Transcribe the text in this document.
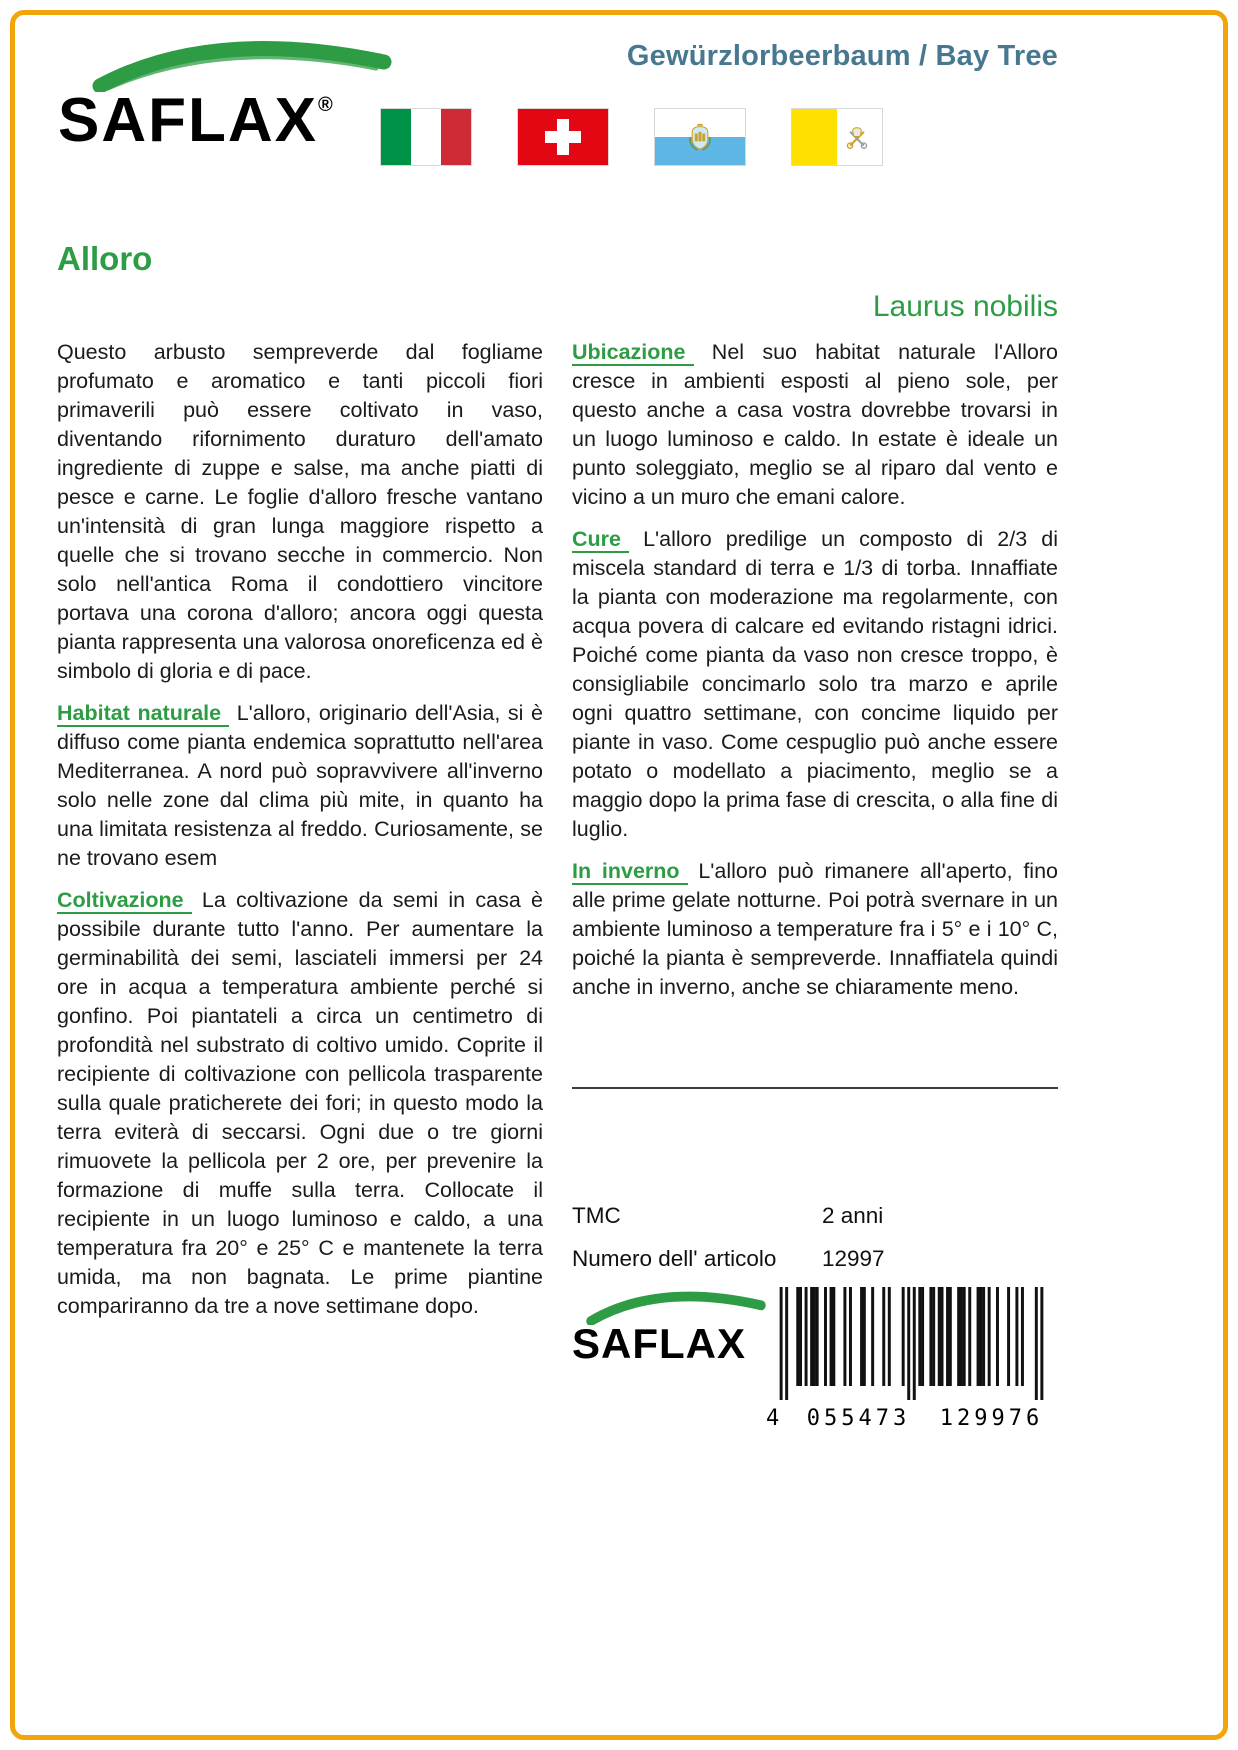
Gewürzlorbeerbaum / Bay Tree
SAFLAX®
Alloro
Laurus nobilis

Questo arbusto sempreverde dal fogliame profumato e aromatico e tanti piccoli fiori primaverili può essere coltivato in vaso, diventando rifornimento duraturo dell'amato ingrediente di zuppe e salse, ma anche piatti di pesce e carne. Le foglie d'alloro fresche vantano un'intensità di gran lunga maggiore rispetto a quelle che si trovano secche in commercio. Non solo nell'antica Roma il condottiero vincitore portava una corona d'alloro; ancora oggi questa pianta rappresenta una valorosa onoreficenza ed è simbolo di gloria e di pace.

Habitat naturale L'alloro, originario dell'Asia, si è diffuso come pianta endemica soprattutto nell'area Mediterranea. A nord può sopravvivere all'inverno solo nelle zone dal clima più mite, in quanto ha una limitata resistenza al freddo. Curiosamente, se ne trovano esem

Coltivazione La coltivazione da semi in casa è possibile durante tutto l'anno. Per aumentare la germinabilità dei semi, lasciateli immersi per 24 ore in acqua a temperatura ambiente perché si gonfino. Poi piantateli a circa un centimetro di profondità nel substrato di coltivo umido. Coprite il recipiente di coltivazione con pellicola trasparente sulla quale praticherete dei fori; in questo modo la terra eviterà di seccarsi. Ogni due o tre giorni rimuovete la pellicola per 2 ore, per prevenire la formazione di muffe sulla terra. Collocate il recipiente in un luogo luminoso e caldo, a una temperatura fra 20° e 25° C e mantenete la terra umida, ma non bagnata. Le prime piantine compariranno da tre a nove settimane dopo.

Ubicazione Nel suo habitat naturale l'Alloro cresce in ambienti esposti al pieno sole, per questo anche a casa vostra dovrebbe trovarsi in un luogo luminoso e caldo. In estate è ideale un punto soleggiato, meglio se al riparo dal vento e vicino a un muro che emani calore.

Cure L'alloro predilige un composto di 2/3 di miscela standard di terra e 1/3 di torba. Innaffiate la pianta con moderazione ma regolarmente, con acqua povera di calcare ed evitando ristagni idrici. Poiché come pianta da vaso non cresce troppo, è consigliabile concimarlo solo tra marzo e aprile ogni quattro settimane, con concime liquido per piante in vaso. Come cespuglio può anche essere potato o modellato a piacimento, meglio se a maggio dopo la prima fase di crescita, o alla fine di luglio.

In inverno L'alloro può rimanere all'aperto, fino alle prime gelate notturne. Poi potrà svernare in un ambiente luminoso a temperature fra i 5° e i 10° C, poiché la pianta è sempreverde. Innaffiatela quindi anche in inverno, anche se chiaramente meno.

TMC	2 anni
Numero dell' articolo	12997
SAFLAX
4	055473	129976
